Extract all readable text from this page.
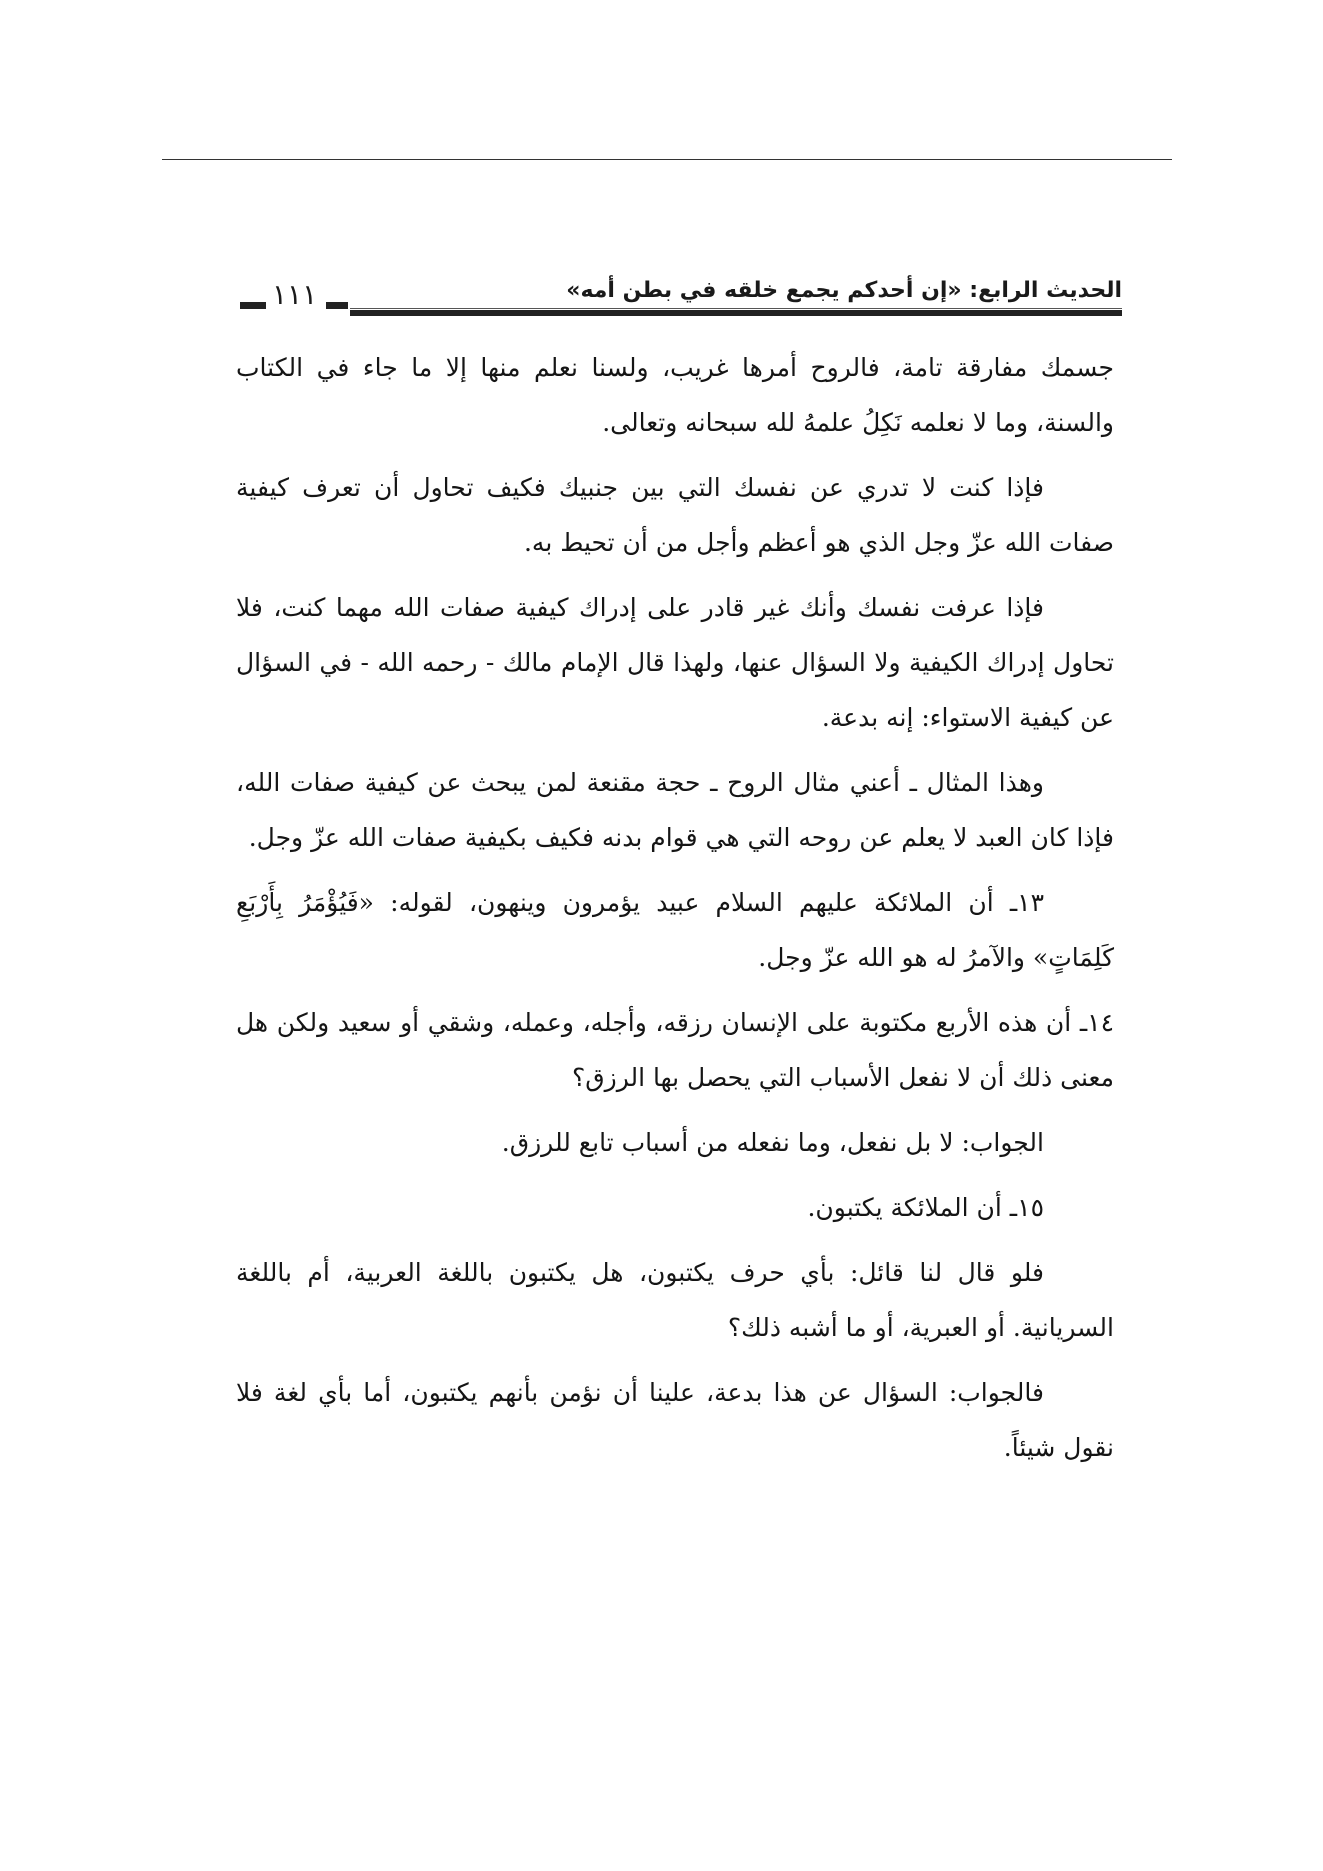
الحديث الرابع: «إن أحدكم يجمع خلقه في بطن أمه»
١١١

جسمك مفارقة تامة، فالروح أمرها غريب، ولسنا نعلم منها إلا ما جاء في الكتاب والسنة، وما لا نعلمه نَكِلُ علمهُ لله سبحانه وتعالى.

فإذا كنت لا تدري عن نفسك التي بين جنبيك فكيف تحاول أن تعرف كيفية صفات الله عزّ وجل الذي هو أعظم وأجل من أن تحيط به.

فإذا عرفت نفسك وأنك غير قادر على إدراك كيفية صفات الله مهما كنت، فلا تحاول إدراك الكيفية ولا السؤال عنها، ولهذا قال الإمام مالك - رحمه الله - في السؤال عن كيفية الاستواء: إنه بدعة.

وهذا المثال ـ أعني مثال الروح ـ حجة مقنعة لمن يبحث عن كيفية صفات الله، فإذا كان العبد لا يعلم عن روحه التي هي قوام بدنه فكيف بكيفية صفات الله عزّ وجل.

١٣ـ أن الملائكة عليهم السلام عبيد يؤمرون وينهون، لقوله: «فَيُؤْمَرُ بِأَرْبَعِ كَلِمَاتٍ» والآمرُ له هو الله عزّ وجل.

١٤ـ أن هذه الأربع مكتوبة على الإنسان رزقه، وأجله، وعمله، وشقي أو سعيد ولكن هل معنى ذلك أن لا نفعل الأسباب التي يحصل بها الرزق؟

الجواب: لا بل نفعل، وما نفعله من أسباب تابع للرزق.

١٥ـ أن الملائكة يكتبون.

فلو قال لنا قائل: بأي حرف يكتبون، هل يكتبون باللغة العربية، أم باللغة السريانية. أو العبرية، أو ما أشبه ذلك؟

فالجواب: السؤال عن هذا بدعة، علينا أن نؤمن بأنهم يكتبون، أما بأي لغة فلا نقول شيئاً.
